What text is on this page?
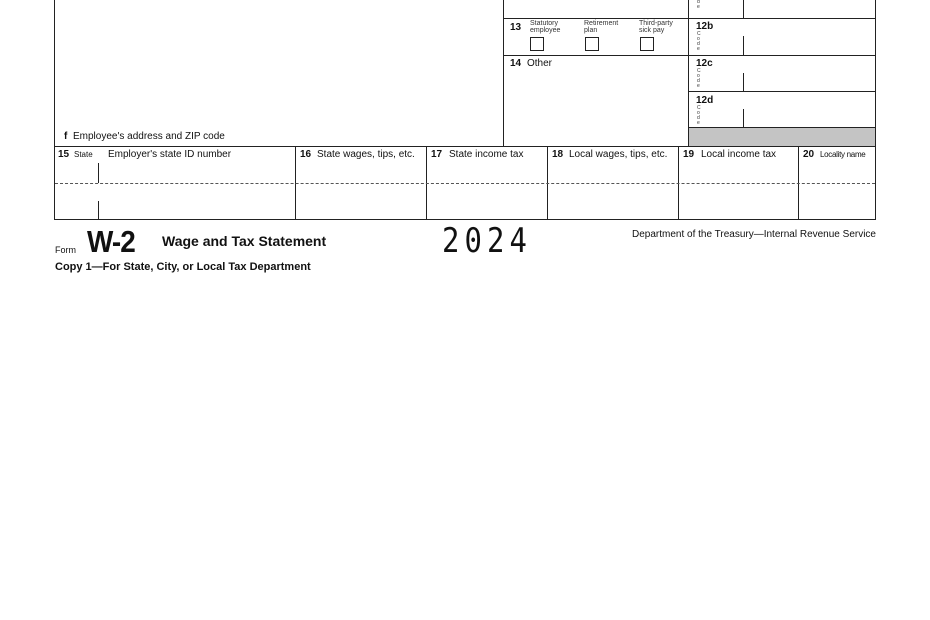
de
f Employee's address and ZIP code
13 Statutory employee
Retirement plan
Third-party sick pay
14 Other
12b
Code
12c
Code
12d
Code
15 State Employer's state ID number	16 State wages, tips, etc. 17 State income tax	18 Local wages, tips, etc. 19 Local income tax	20 Locality name
Form W-2 Wage and Tax Statement	2024	Department of the Treasury—Internal Revenue Service
Copy 1—For State, City, or Local Tax Department
